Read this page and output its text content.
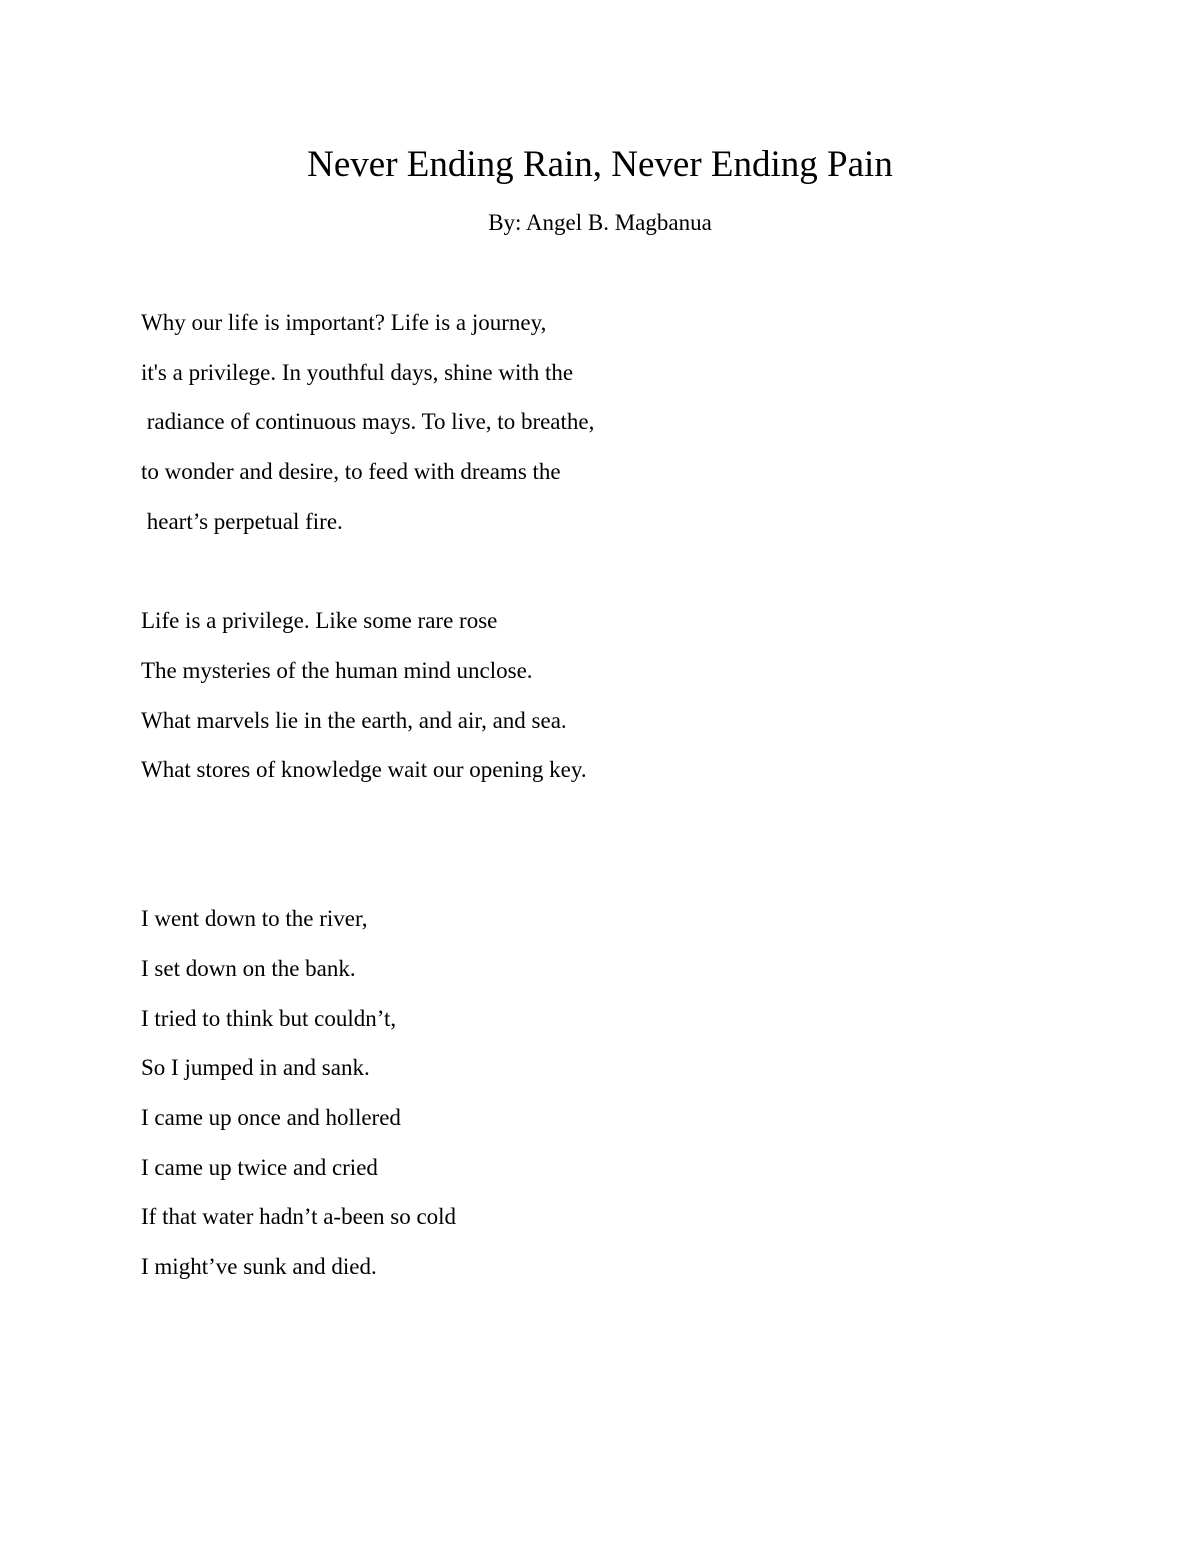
Never Ending Rain, Never Ending Pain

By: Angel B. Magbanua

Why our life is important? Life is a journey,

it's a privilege. In youthful days, shine with the

radiance of continuous mays. To live, to breathe,

to wonder and desire, to feed with dreams the

heart’s perpetual fire.

Life is a privilege. Like some rare rose

The mysteries of the human mind unclose.

What marvels lie in the earth, and air, and sea.

What stores of knowledge wait our opening key.

I went down to the river,

I set down on the bank.

I tried to think but couldn’t,

So I jumped in and sank.

I came up once and hollered

I came up twice and cried

If that water hadn’t a-been so cold

I might’ve sunk and died.
